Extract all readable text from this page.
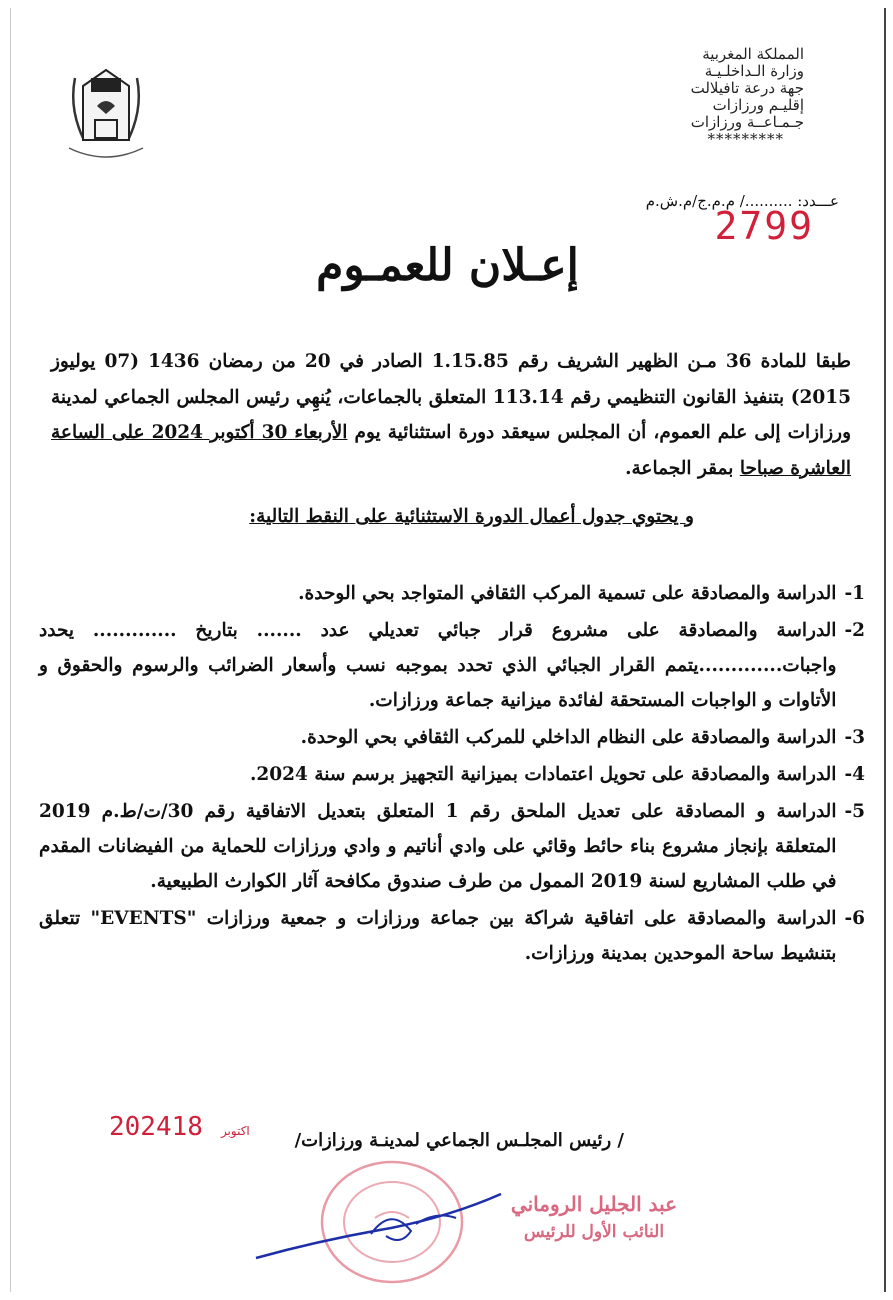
المملكة المغربية
وزارة الـداخلـيـة
جهة درعة تافيلالت
إقليـم ورزازات
جـمـاعــة ورزازات
*********
عـــدد: ........../ م.م.ج/م.ش.م
2799
إعـلان للعمـوم

طبقا للمادة 36 مـن الظهير الشريف رقم 1.15.85 الصادر في 20 من رمضان 1436 (07 يوليوز 2015) بتنفيذ القانون التنظيمي رقم 113.14 المتعلق بالجماعات، يُنهِي رئيس المجلس الجماعي لمدينة ورزازات إلى علم العموم، أن المجلس سيعقد دورة استثنائية يوم الأربعاء 30 أكتوبر 2024 على الساعة العاشرة صباحا بمقر الجماعة.

و يحتوي جدول أعمال الدورة الاستثنائية على النقط التالية:
1-
الدراسة والمصادقة على تسمية المركب الثقافي المتواجد بحي الوحدة.
2-
الدراسة والمصادقة على مشروع قرار جبائي تعديلي عدد ....... بتاريخ ............. يحدد واجبات.............يتمم القرار الجبائي الذي تحدد بموجبه نسب وأسعار الضرائب والرسوم والحقوق و الأتاوات و الواجبات المستحقة لفائدة ميزانية جماعة ورزازات.
3-
الدراسة والمصادقة على النظام الداخلي للمركب الثقافي بحي الوحدة.
4-
الدراسة والمصادقة على تحويل اعتمادات بميزانية التجهيز برسم سنة 2024.
5-
الدراسة و المصادقة على تعديل الملحق رقم 1 المتعلق بتعديل الاتفاقية رقم 30/ت/ط.م 2019 المتعلقة بإنجاز مشروع بناء حائط وقائي على وادي أناتيم و وادي ورزازات للحماية من الفيضانات المقدم في طلب المشاريع لسنة 2019 الممول من طرف صندوق مكافحة آثار الكوارث الطبيعية.
6-
الدراسة والمصادقة على اتفاقية شراكة بين جماعة ورزازات و جمعية ورزازات "EVENTS" تتعلق بتنشيط ساحة الموحدين بمدينة ورزازات.
2024	اكتوبر18	/ رئيس المجلـس الجماعي لمدينـة ورزازات/
عبد الجليل الروماني
النائب الأول للرئيس
